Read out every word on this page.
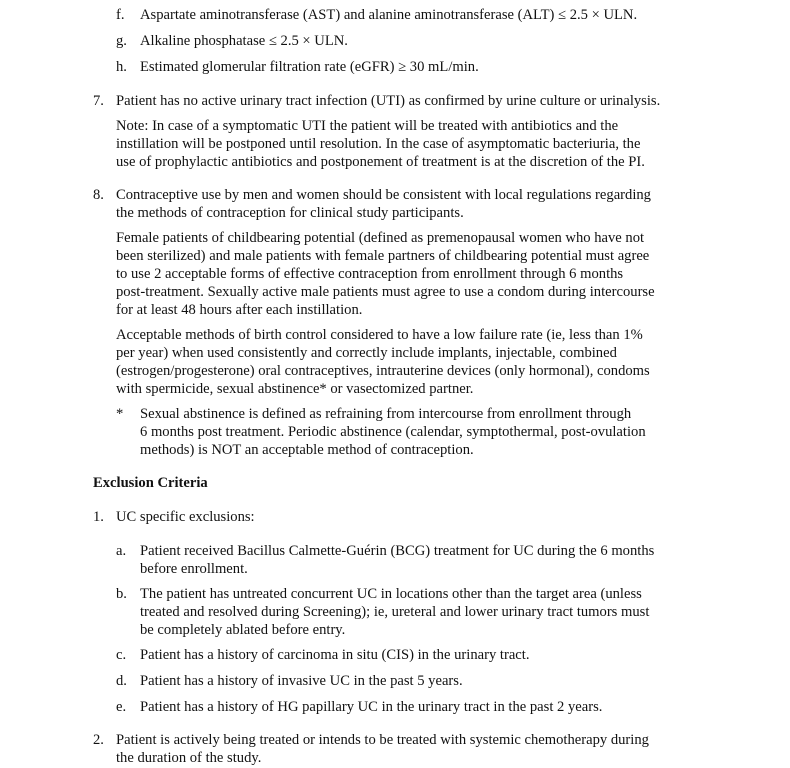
f. Aspartate aminotransferase (AST) and alanine aminotransferase (ALT) ≤ 2.5 × ULN.
g. Alkaline phosphatase ≤ 2.5 × ULN.
h. Estimated glomerular filtration rate (eGFR) ≥ 30 mL/min.
7. Patient has no active urinary tract infection (UTI) as confirmed by urine culture or urinalysis.
Note: In case of a symptomatic UTI the patient will be treated with antibiotics and the
instillation will be postponed until resolution. In the case of asymptomatic bacteriuria, the
use of prophylactic antibiotics and postponement of treatment is at the discretion of the PI.
8. Contraceptive use by men and women should be consistent with local regulations regarding
the methods of contraception for clinical study participants.
Female patients of childbearing potential (defined as premenopausal women who have not
been sterilized) and male patients with female partners of childbearing potential must agree
to use 2 acceptable forms of effective contraception from enrollment through 6 months
post-treatment. Sexually active male patients must agree to use a condom during intercourse
for at least 48 hours after each instillation.
Acceptable methods of birth control considered to have a low failure rate (ie, less than 1%
per year) when used consistently and correctly include implants, injectable, combined
(estrogen/progesterone) oral contraceptives, intrauterine devices (only hormonal), condoms
with spermicide, sexual abstinence* or vasectomized partner.
* Sexual abstinence is defined as refraining from intercourse from enrollment through
6 months post treatment. Periodic abstinence (calendar, symptothermal, post-ovulation
methods) is NOT an acceptable method of contraception.
Exclusion Criteria
1. UC specific exclusions:
a. Patient received Bacillus Calmette-Guérin (BCG) treatment for UC during the 6 months
before enrollment.
b. The patient has untreated concurrent UC in locations other than the target area (unless
treated and resolved during Screening); ie, ureteral and lower urinary tract tumors must
be completely ablated before entry.
c. Patient has a history of carcinoma in situ (CIS) in the urinary tract.
d. Patient has a history of invasive UC in the past 5 years.
e. Patient has a history of HG papillary UC in the urinary tract in the past 2 years.
2. Patient is actively being treated or intends to be treated with systemic chemotherapy during
the duration of the study.
